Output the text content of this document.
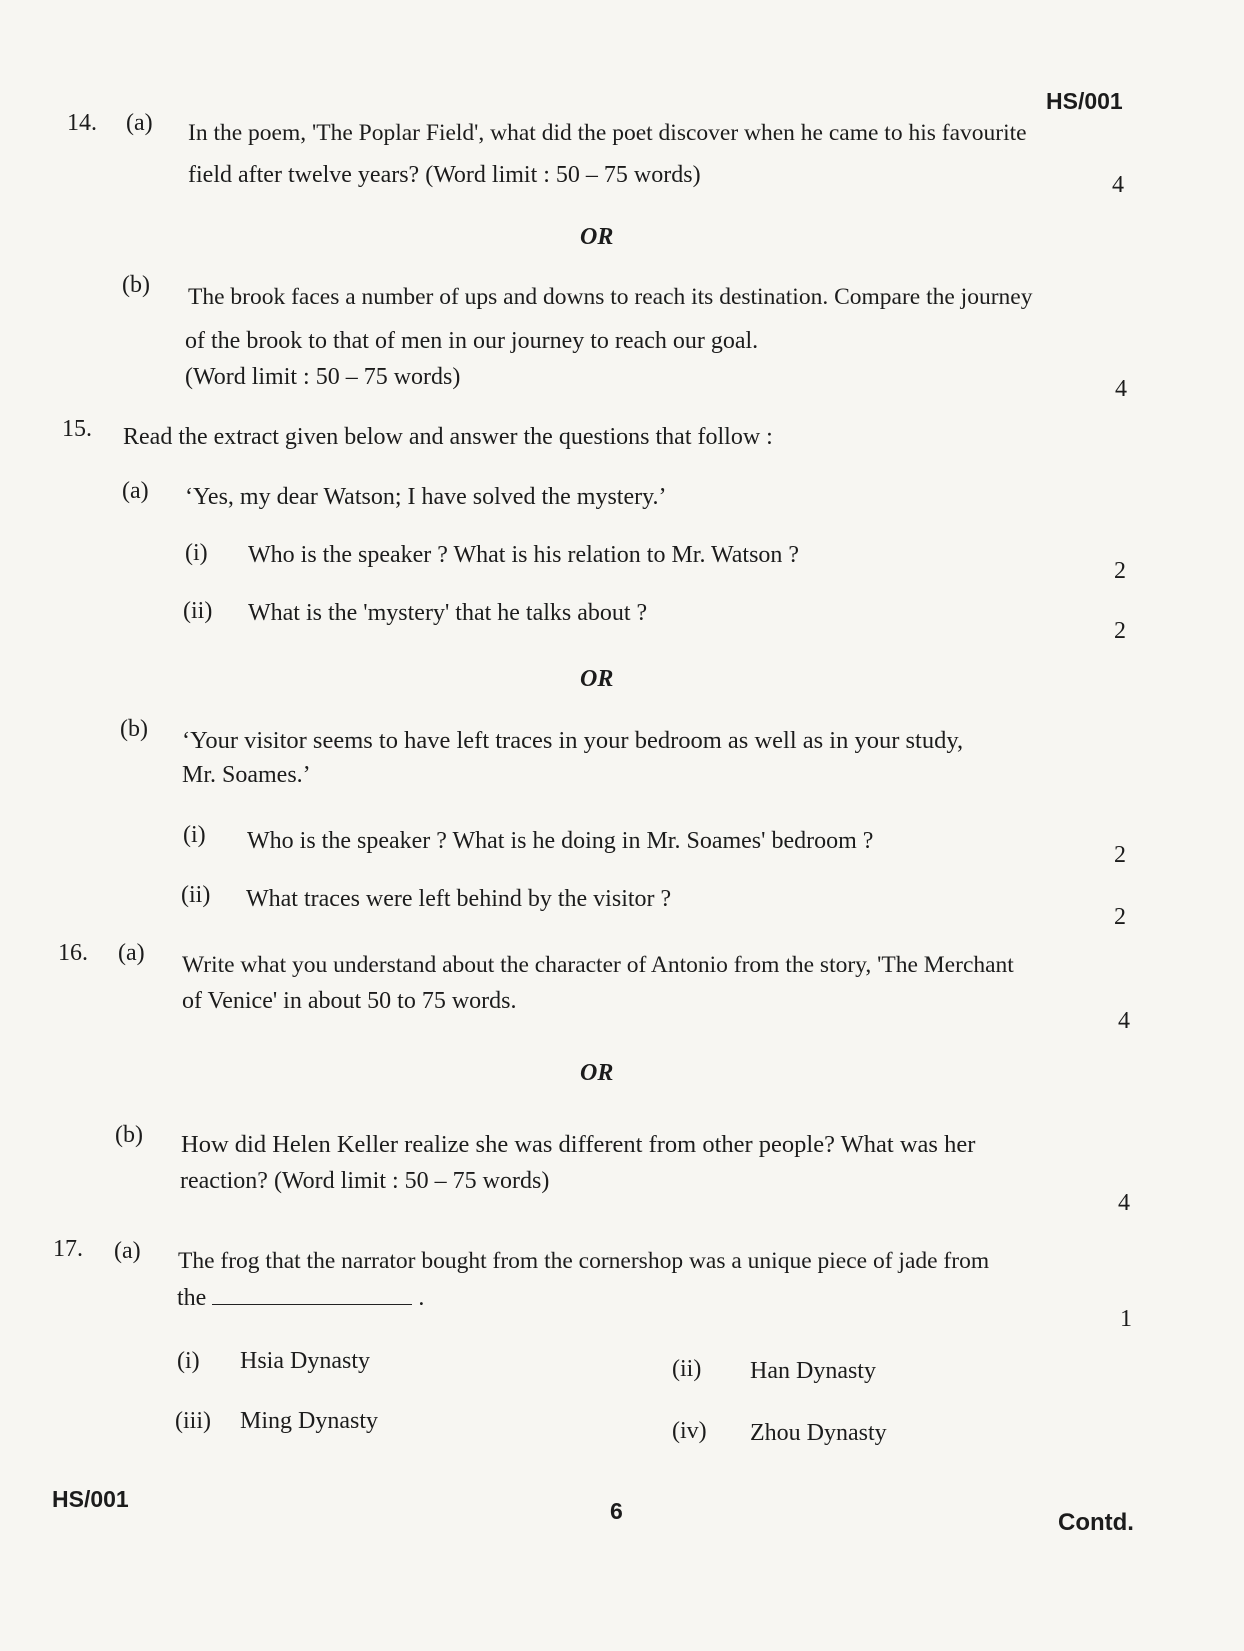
HS/001
14. (a) In the poem, 'The Poplar Field', what did the poet discover when he came to his favourite
field after twelve years? (Word limit : 50 – 75 words)	4
OR
(b) The brook faces a number of ups and downs to reach its destination. Compare the journey
of the brook to that of men in our journey to reach our goal.
(Word limit : 50 – 75 words)	4
15. Read the extract given below and answer the questions that follow :
(a) ‘Yes, my dear Watson; I have solved the mystery.’
(i) Who is the speaker ? What is his relation to Mr. Watson ?
2
(ii) What is the 'mystery' that he talks about ?
2
OR
(b) ‘Your visitor seems to have left traces in your bedroom as well as in your study,
Mr. Soames.’
(i) Who is the speaker ? What is he doing in Mr. Soames' bedroom ?
2
(ii) What traces were left behind by the visitor ?
2
16. (a) Write what you understand about the character of Antonio from the story, 'The Merchant
of Venice' in about 50 to 75 words.
4
OR
(b) How did Helen Keller realize she was different from other people? What was her
reaction? (Word limit : 50 – 75 words)
4
17. (a) The frog that the narrator bought from the cornershop was a unique piece of jade from
the	.
1
(i) Hsia Dynasty	(ii) Han Dynasty
(iii) Ming Dynasty	(iv) Zhou Dynasty
HS/001	6	Contd.
